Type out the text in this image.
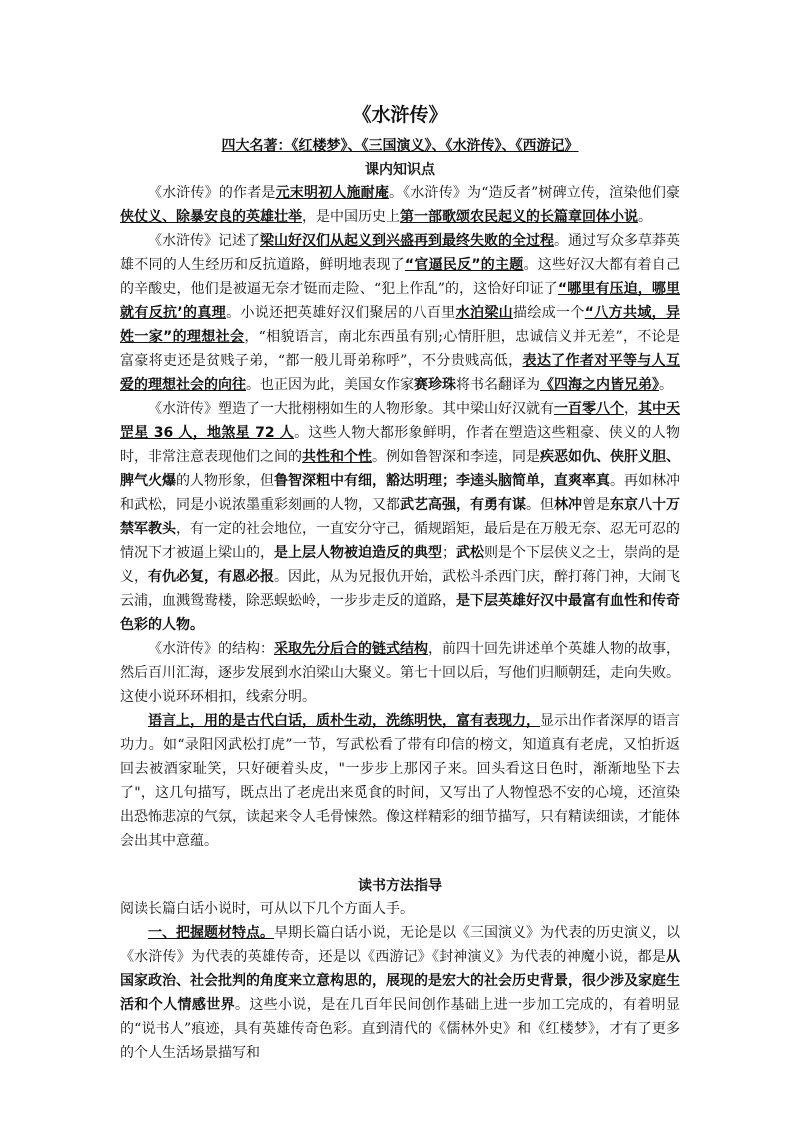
《水浒传》
四大名著：《红楼梦》、《三国演义》、《水浒传》、《西游记》
课内知识点

《水浒传》的作者是元末明初人施耐庵。《水浒传》为“造反者”树碑立传，渲染他们豪侠仗义、除暴安良的英雄壮举，是中国历史上第一部歌颂农民起义的长篇章回体小说。

《水浒传》记述了梁山好汉们从起义到兴盛再到最终失败的全过程。通过写众多草莽英雄不同的人生经历和反抗道路，鲜明地表现了“官逼民反”的主题。这些好汉大都有着自己的辛酸史，他们是被逼无奈才铤而走险、“犯上作乱”的，这恰好印证了“哪里有压迫，哪里就有反抗’的真理。小说还把英雄好汉们聚居的八百里水泊梁山描绘成一个“八方共域，异姓一家”的理想社会，“相貌语言，南北东西虽有别;心情肝胆，忠诚信义并无差”，不论是富豪将吏还是贫贱子弟，“都一般儿哥弟称呼”，不分贵贱高低，表达了作者对平等与人互爱的理想社会的向往。也正因为此，美国女作家赛珍珠将书名翻译为《四海之内皆兄弟》。

《水浒传》塑造了一大批栩栩如生的人物形象。其中梁山好汉就有一百零八个，其中天罡星 36 人，地煞星 72 人。这些人物大都形象鲜明，作者在塑造这些粗豪、侠义的人物时，非常注意表现他们之间的共性和个性。例如鲁智深和李逵，同是疾恶如仇、侠肝义胆、脾气火爆的人物形象，但鲁智深粗中有细，豁达明理；李逵头脑简单，直爽率真。再如林冲和武松，同是小说浓墨重彩刻画的人物，又都武艺高强，有勇有谋。但林冲曾是东京八十万禁军教头，有一定的社会地位，一直安分守己，循规蹈矩，最后是在万般无奈、忍无可忍的情况下才被逼上梁山的，是上层人物被迫造反的典型；武松则是个下层侠义之士，崇尚的是义，有仇必复，有恩必报。因此，从为兄报仇开始，武松斗杀西门庆，醉打蒋门神，大闹飞云浦，血溅鸳鸯楼，除恶蜈蚣岭，一步步走反的道路，是下层英雄好汉中最富有血性和传奇色彩的人物。

《水浒传》的结构：采取先分后合的链式结构，前四十回先讲述单个英雄人物的故事，然后百川汇海，逐步发展到水泊梁山大聚义。第七十回以后，写他们归顺朝廷，走向失败。这使小说环环相扣，线索分明。

语言上，用的是古代白话，质朴生动，洗练明快，富有表现力，显示出作者深厚的语言功力。如“录阳冈武松打虎”一节，写武松看了带有印信的榜文，知道真有老虎，又怕折返回去被酒家耻笑，只好硬着头皮，"一步步上那冈子来。回头看这日色时，渐渐地坠下去了"，这几句描写，既点出了老虎出来觅食的时间，又写出了人物惶恐不安的心境，还渲染出恐怖悲凉的气氛，读起来令人毛骨悚然。像这样精彩的细节描写，只有精读细读，才能体会出其中意蕴。

读书方法指导

阅读长篇白话小说时，可从以下几个方面人手。

一、把握题材特点。早期长篇白话小说，无论是以《三国演义》为代表的历史演义，以《水浒传》为代表的英雄传奇，还是以《西游记》《封神演义》为代表的神魔小说，都是从国家政治、社会批判的角度来立意构思的，展现的是宏大的社会历史背景，很少涉及家庭生活和个人情感世界。这些小说，是在几百年民间创作基础上进一步加工完成的，有着明显的“说书人”痕迹，具有英雄传奇色彩。直到清代的《儒林外史》和《红楼梦》，才有了更多的个人生活场景描写和
